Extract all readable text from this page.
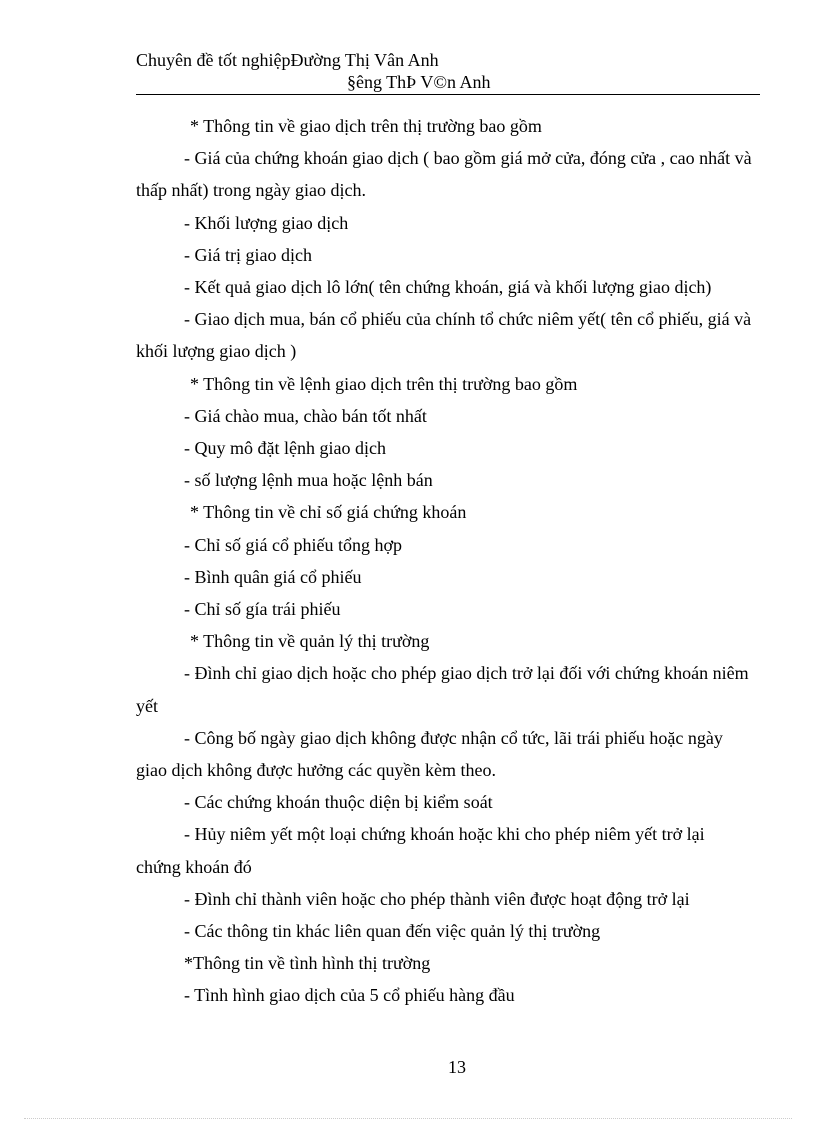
Chuyên đề tốt nghiệpĐường Thị Vân Anh
§êng ThÞ V©n Anh

* Thông tin về giao dịch trên thị trường bao gồm

- Giá của chứng khoán giao dịch ( bao gồm giá mở cửa, đóng cửa , cao nhất và thấp nhất) trong ngày giao dịch.

- Khối lượng giao dịch

- Giá trị giao dịch

- Kết quả giao dịch lô lớn( tên chứng khoán, giá và khối lượng giao dịch)

- Giao dịch mua, bán cổ phiếu của chính tổ chức niêm yết( tên cổ phiếu, giá và khối lượng giao dịch )

* Thông tin về lệnh giao dịch trên thị trường bao gồm

- Giá chào mua, chào bán tốt nhất

- Quy mô đặt lệnh giao dịch

- số lượng lệnh mua hoặc lệnh bán

* Thông tin về chỉ số giá chứng khoán

- Chỉ số giá cổ phiếu tổng hợp

- Bình quân giá cổ phiếu

- Chỉ số gía trái phiếu

* Thông tin về quản lý thị trường

- Đình chỉ giao dịch hoặc cho phép giao dịch trở lại đối với chứng khoán niêm yết

- Công bố ngày giao dịch không được nhận cổ tức, lãi trái phiếu hoặc ngày giao dịch không được hưởng các quyền kèm theo.

- Các chứng khoán thuộc diện bị kiểm soát

- Hủy niêm yết một loại chứng khoán hoặc khi cho phép niêm yết trở lại chứng khoán đó

- Đình chỉ thành viên hoặc cho phép thành viên được hoạt động trở lại

- Các thông tin khác liên quan đến việc quản lý thị trường

*Thông tin về tình hình thị trường

- Tình hình giao dịch của 5 cổ phiếu hàng đầu

13
